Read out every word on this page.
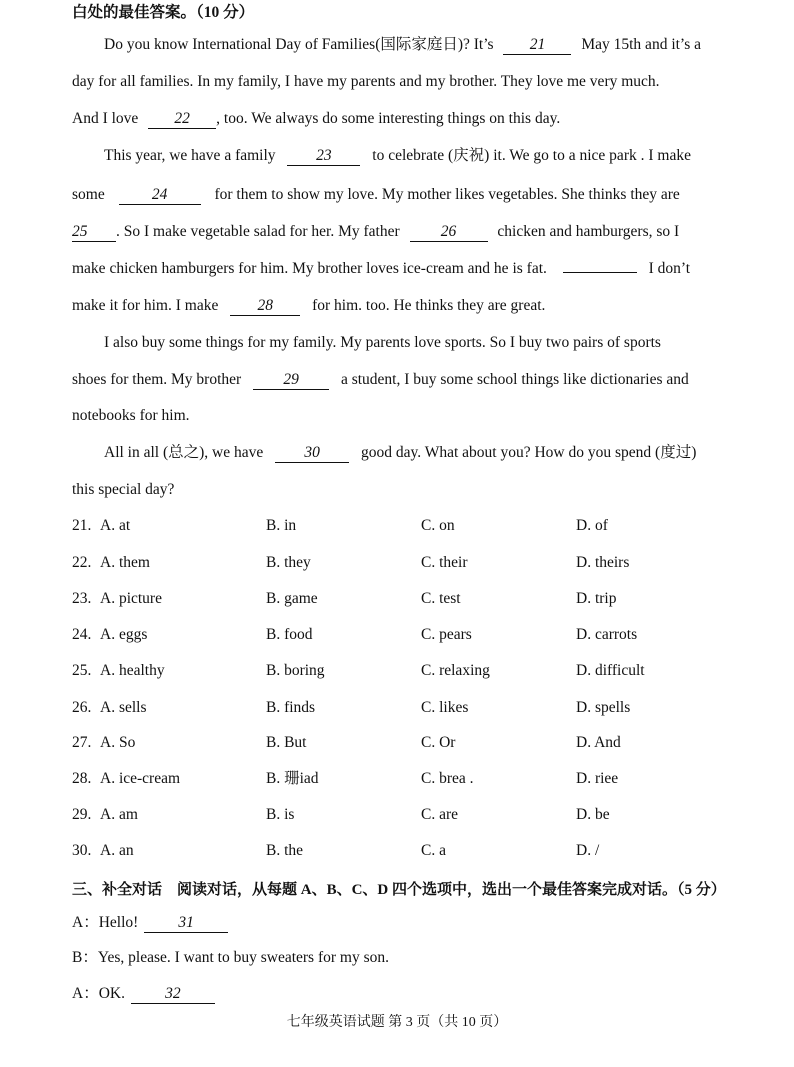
白处的最佳答案。（10 分）
Do you know International Day of Families(国际家庭日)? It’s 21 May 15th and it’s a
day for all families. In my family, I have my parents and my brother. They love me very much.
And I love 22 , too. We always do some interesting things on this day.
This year, we have a family	23	to celebrate (庆祝) it. We go to a nice park . I make
some	24	for them to show my love. My mother likes vegetables. She thinks they are
25 . So I make vegetable salad for her. My father	26	chicken and hamburgers, so I
make chicken hamburgers for him. My brother loves ice-cream and he is fat.	I don’t
make it for him. I make	28	for him. too. He thinks they are great.
I also buy some things for my family. My parents love sports. So I buy two pairs of sports
shoes for them. My brother	29	a student, I buy some school things like dictionaries and
notebooks for him.
All in all (总之), we have	30	good day. What about you? How do you spend (度过)
this special day?
21. A. at	B. in	C. on	D. of
22. A. them	B. they	C. their	D. theirs
23. A. picture	B. game	C. test	D. trip
24. A. eggs	B. food	C. pears	D. carrots
25. A. healthy	B. boring	C. relaxing	D. difficult
26. A. sells	B. finds	C. likes	D. spells
27. A. So	B. But	C. Or	D. And
28. A. ice-cream	B. 珊iad	C. brea .	D. riee
29. A. am	B. is	C. are	D. be
30. A. an	B. the	C. a	D. /
三、补全对话　阅读对话，从每题 A、B、C、D 四个选项中，选出一个最佳答案完成对话。（5 分）
A：Hello!	31
B：Yes, please. I want to buy sweaters for my son.
A：OK.	32
七年级英语试题 第 3 页（共 10 页）
